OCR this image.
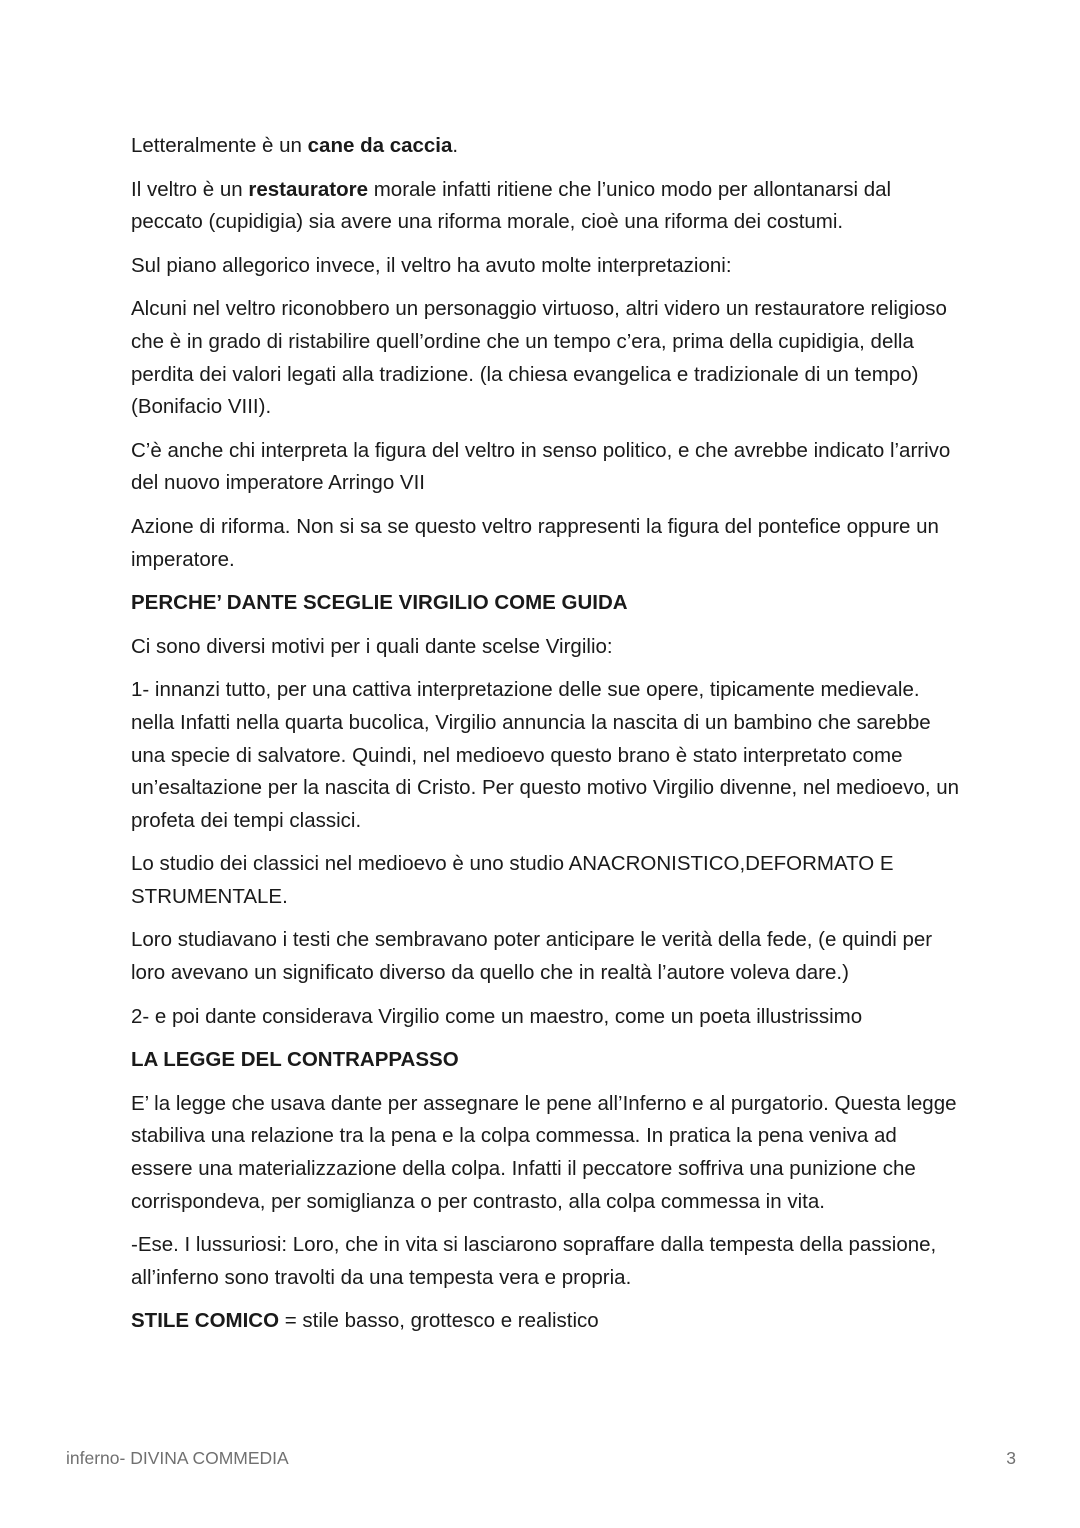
Letteralmente è un cane da caccia.

Il veltro è un restauratore morale infatti ritiene che l’unico modo per allontanarsi dal peccato (cupidigia) sia avere una riforma morale, cioè una riforma dei costumi.

Sul piano allegorico invece, il veltro ha avuto molte interpretazioni:

Alcuni nel veltro riconobbero un personaggio virtuoso, altri videro un restauratore religioso che è in grado di ristabilire quell’ordine che un tempo c’era, prima della cupidigia, della perdita dei valori legati alla tradizione. (la chiesa evangelica e tradizionale di un tempo) (Bonifacio VIII).

C’è anche chi interpreta la figura del veltro in senso politico, e che avrebbe indicato l’arrivo del nuovo imperatore Arringo VII

Azione di riforma. Non si sa se questo veltro rappresenti la figura del pontefice oppure un imperatore.

PERCHE’ DANTE SCEGLIE VIRGILIO COME GUIDA

Ci sono diversi motivi per i quali dante scelse Virgilio:

1- innanzi tutto, per una cattiva interpretazione delle sue opere, tipicamente medievale. nella Infatti nella quarta bucolica, Virgilio annuncia la nascita di un bambino che sarebbe una specie di salvatore. Quindi, nel medioevo questo brano è stato interpretato come un’esaltazione per la nascita di Cristo. Per questo motivo Virgilio divenne, nel medioevo, un profeta dei tempi classici.

Lo studio dei classici nel medioevo è uno studio ANACRONISTICO,DEFORMATO E STRUMENTALE.

Loro studiavano i testi che sembravano poter anticipare le verità della fede, (e quindi per loro avevano un significato diverso da quello che in realtà l’autore voleva dare.)

2- e poi dante considerava Virgilio come un maestro, come un poeta illustrissimo

LA LEGGE DEL CONTRAPPASSO

E’ la legge che usava dante per assegnare le pene all’Inferno e al purgatorio. Questa legge stabiliva una relazione tra la pena e la colpa commessa. In pratica la pena veniva ad essere una materializzazione della colpa. Infatti il peccatore soffriva una punizione che corrispondeva, per somiglianza o per contrasto, alla colpa commessa in vita.

-Ese. I lussuriosi: Loro, che in vita si lasciarono sopraffare dalla tempesta della passione, all’inferno sono travolti da una tempesta vera e propria.

STILE COMICO = stile basso, grottesco e realistico

inferno- DIVINA COMMEDIA	3
